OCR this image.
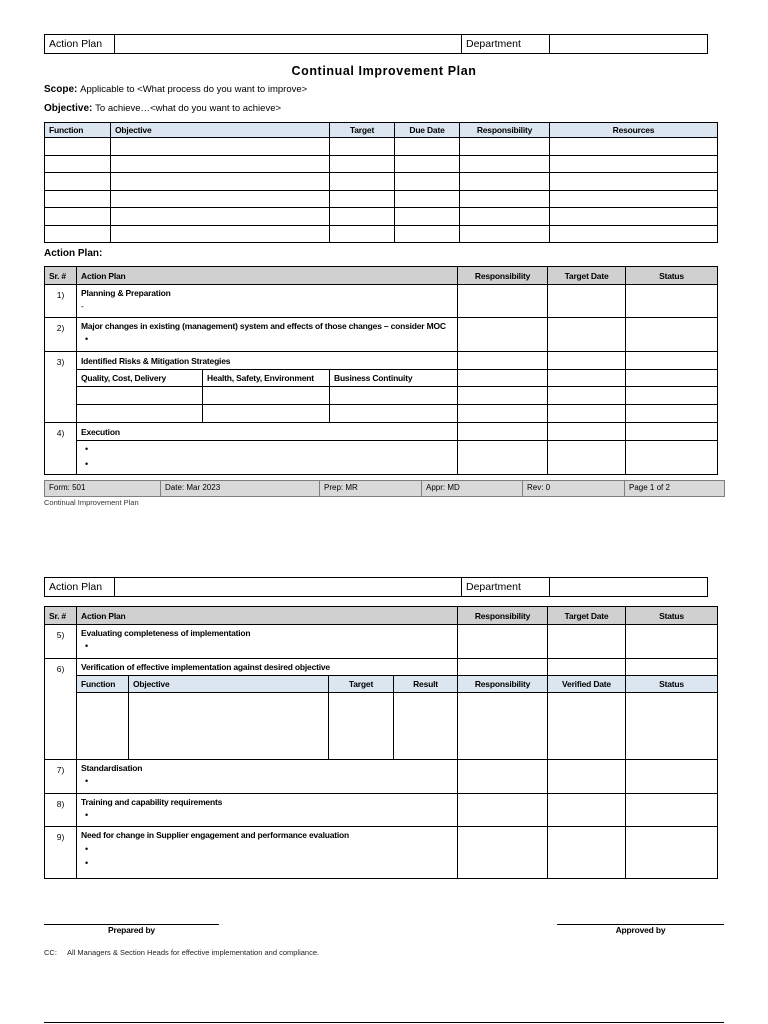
Action Plan		Department	
Continual Improvement Plan
Scope: Applicable to <What process do you want to improve>
Objective: To achieve…<what do you want to achieve>
Function	Objective	Target	Due Date	Responsibility	Resources

Action Plan:
Sr. #	Action Plan			Responsibility	Target Date	Status
1)	Planning & Preparation
-					

2)	Major changes in existing (management) system and effects of those changes – consider MOC
•					

3)	Identified Risks & Mitigation Strategies					
	Quality, Cost, Delivery	Health, Safety, Environment	Business Continuity			

4)	Execution					

	•
•					

Form: 501	Date: Mar 2023	Prep: MR	Appr: MD	Rev: 0	Page 1 of 2
Continual Improvement Plan
Action Plan		Department	
Sr. #	Action Plan				Responsibility	Target Date	Status
5)	Evaluating completeness of implementation
•						

6)	Verification of effective implementation against desired objective						
	Function	Objective	Target	Result	Responsibility	Verified Date	Status

7)	Standardisation
•						

8)	Training and capability requirements
•						

9)	Need for change in Supplier engagement and performance evaluation
•
•						

Prepared by	Approved by
CC: All Managers & Section Heads for effective implementation and compliance.
